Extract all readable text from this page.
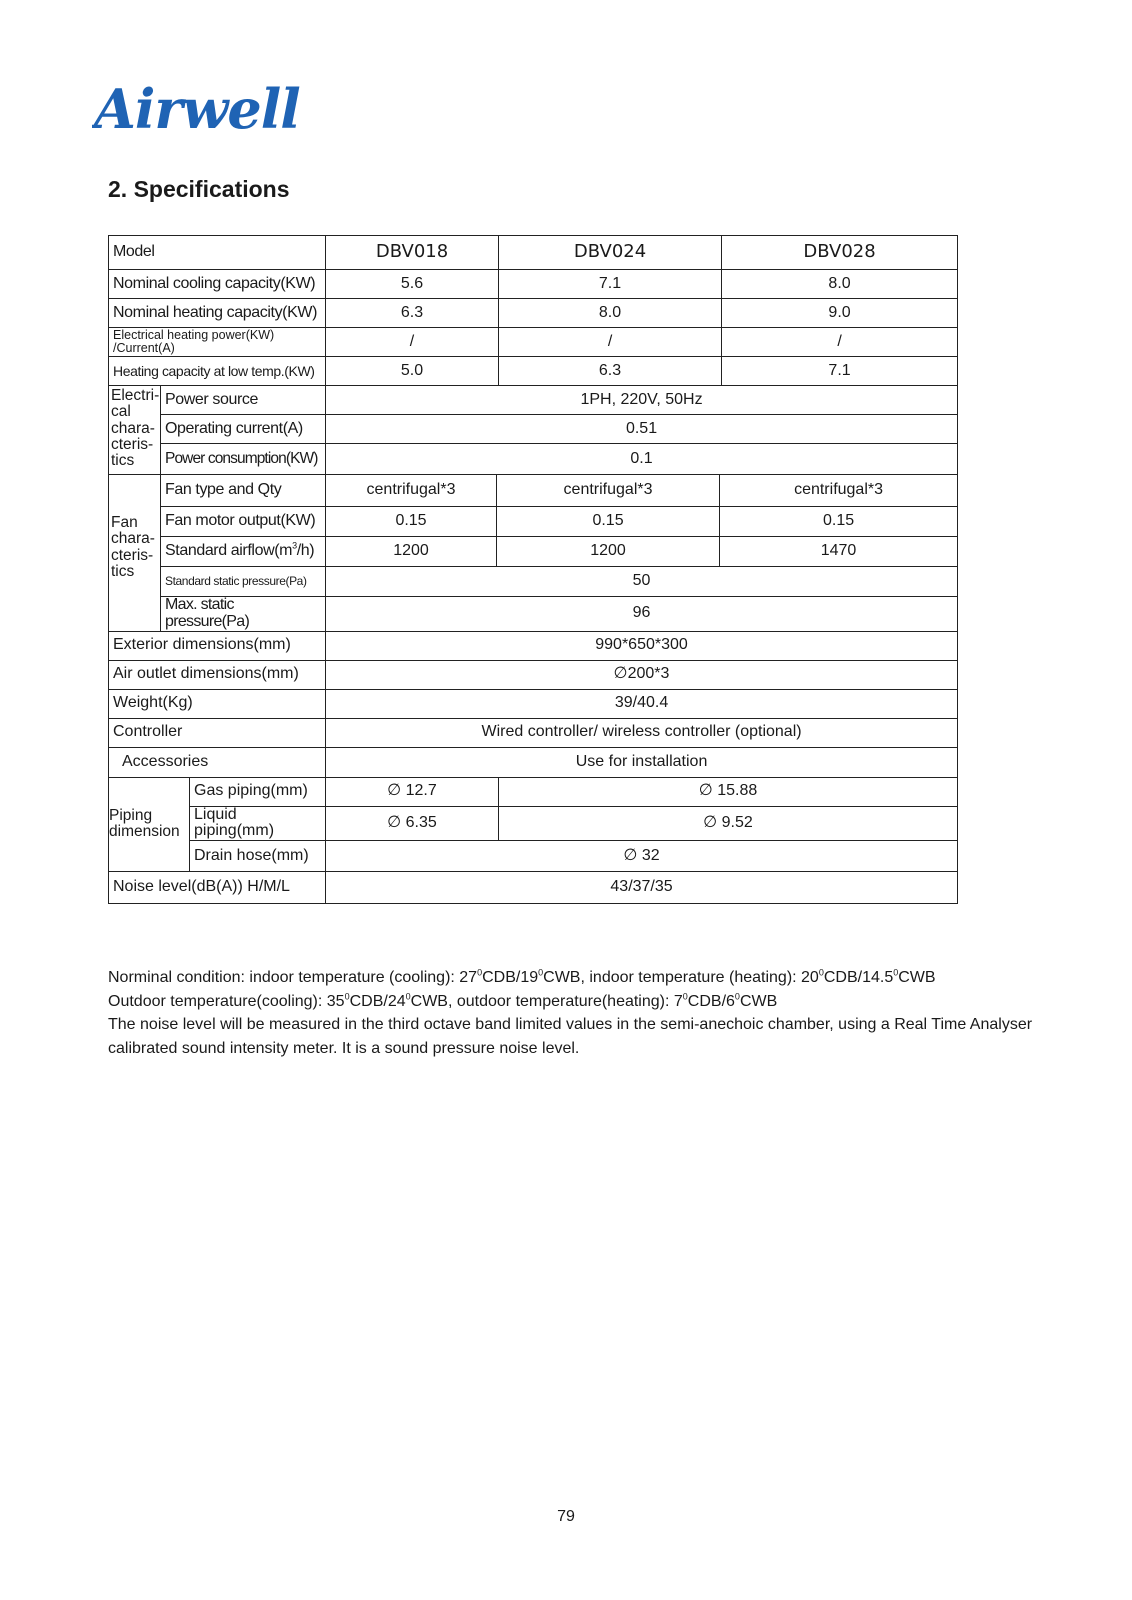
Airwell
2. Specifications
Model			DBV018		DBV024		DBV028
Nominal cooling capacity(KW)			5.6		7.1		8.0
Nominal heating capacity(KW)			6.3		8.0		9.0

Electrical heating power(KW)
/Current(A)			/		/		/
Heating capacity at low temp.(KW)			5.0		6.3		7.1

Electri-
cal
chara-
cteris-
tics	Power source		1PH, 220V, 50Hz				
	Operating current(A)		0.51				
	Power consumption(KW)		0.1				

Fan
chara-
cteris-
tics	Fan type and Qty		centrifugal*3	centrifugal*3		centrifugal*3	
	Fan motor output(KW)		0.15	0.15		0.15	
	Standard $airflow(m^3/h)$		1200	1200		1470	
	Standard static pressure(Pa)		50				
	Max. static pressure(Pa)		96				
Exterior dimensions(mm)			990*650*300				
Air outlet dimensions(mm)			∅200*3				
Weight(Kg)			39/40.4				
Controller			Wired controller/ wireless controller (optional)				
Accessories			Use for installation				

Piping
dimension		Gas piping(mm)	∅ 12.7		∅ 15.88		
		Liquid piping(mm)	∅ 6.35		∅ 9.52		
		Drain hose(mm)	∅ 32				
Noise level(dB(A)) H/M/L			43/37/35				

Norminal condition: indoor temperature (cooling): $27^0CDB/19^0CWB$, indoor temperature (heating): $20^0CDB/14.5^0CWB$

Outdoor temperature(cooling): $35^0CDB/24^0CWB$, outdoor temperature(heating): $7^0CDB/6^0CWB$

The noise level will be measured in the third octave band limited values in the semi-anechoic chamber, using a Real Time Analyser calibrated sound intensity meter. It is a sound pressure noise level.

79
